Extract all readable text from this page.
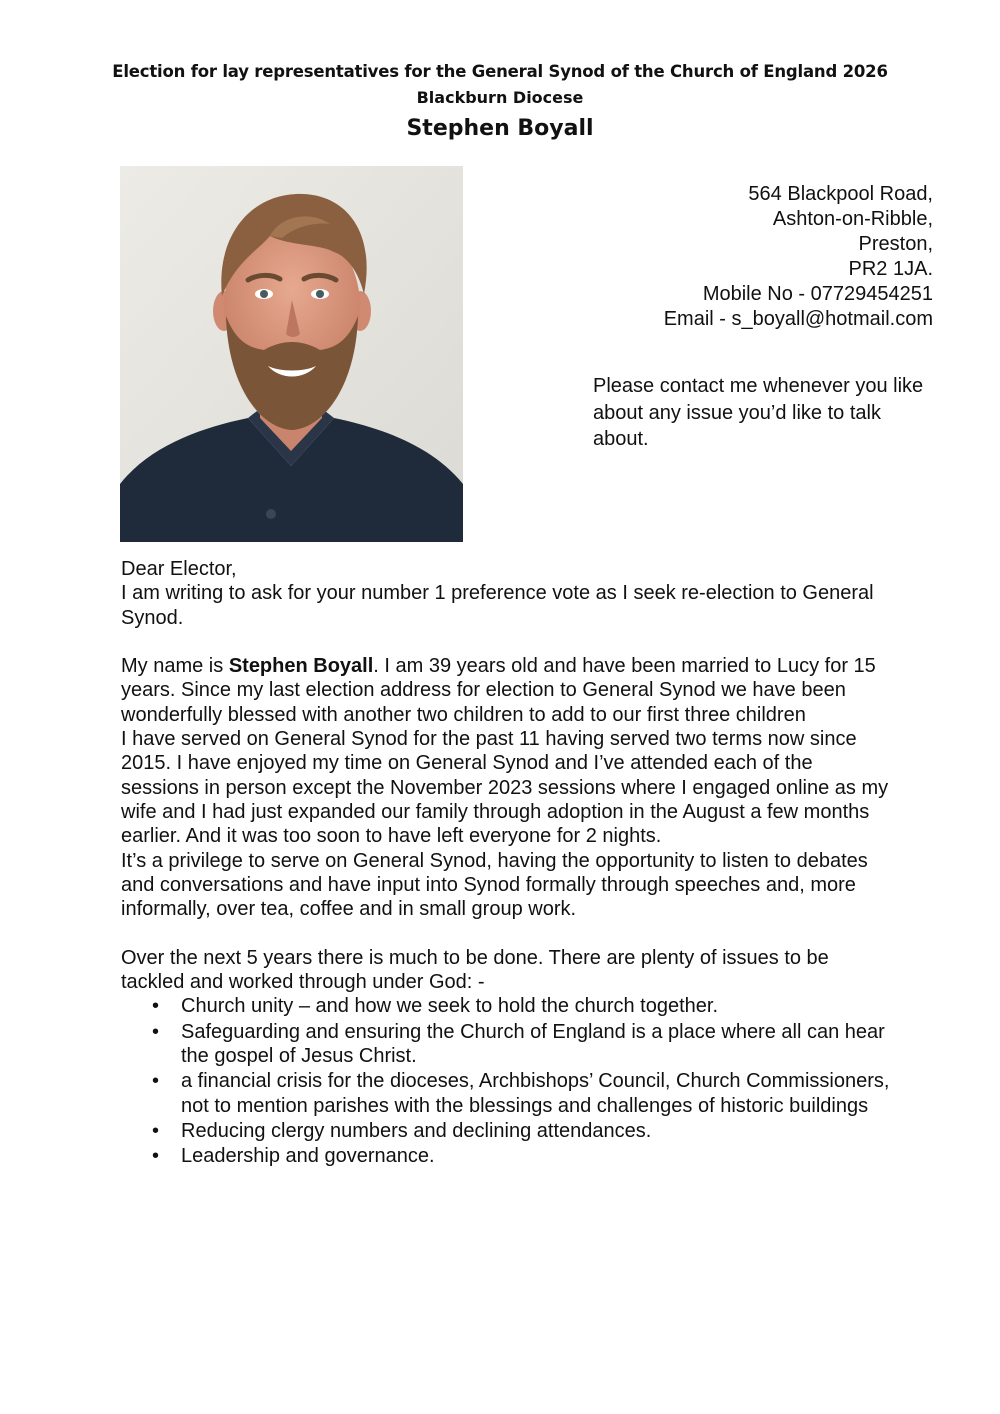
Election for lay representatives for the General Synod of the Church of England 2026
Blackburn Diocese
Stephen Boyall
564 Blackpool Road,
Ashton-on-Ribble,
Preston,
PR2 1JA.
Mobile No - 07729454251
Email - s_boyall@hotmail.com
Please contact me whenever you like about any issue you’d like to talk about.

Dear Elector,

I am writing to ask for your number 1 preference vote as I seek re-election to General Synod.

My name is Stephen Boyall. I am 39 years old and have been married to Lucy for 15 years. Since my last election address for election to General Synod we have been wonderfully blessed with another two children to add to our first three children

I have served on General Synod for the past 11 having served two terms now since 2015. I have enjoyed my time on General Synod and I’ve attended each of the sessions in person except the November 2023 sessions where I engaged online as my wife and I had just expanded our family through adoption in the August a few months earlier. And it was too soon to have left everyone for 2 nights.

It’s a privilege to serve on General Synod, having the opportunity to listen to debates and conversations and have input into Synod formally through speeches and, more informally, over tea, coffee and in small group work.

Over the next 5 years there is much to be done. There are plenty of issues to be tackled and worked through under God: -

• Church unity – and how we seek to hold the church together.
• Safeguarding and ensuring the Church of England is a place where all can hear the gospel of Jesus Christ.
• a financial crisis for the dioceses, Archbishops’ Council, Church Commissioners, not to mention parishes with the blessings and challenges of historic buildings
• Reducing clergy numbers and declining attendances.
• Leadership and governance.
